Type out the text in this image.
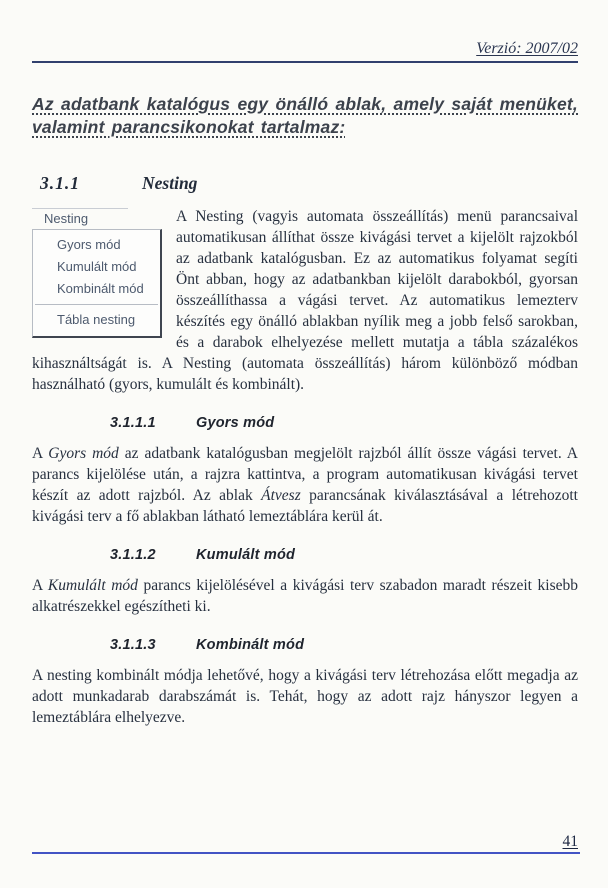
Verzió: 2007/02

Az adatbank katalógus egy önálló ablak, amely saját menüket, valamint parancsikonokat tartalmaz:

3.1.1	Nesting

Nesting
Gyors mód
Kumulált mód
Kombinált mód
Tábla nesting
A Nesting (vagyis automata összeállítás) menü parancsaival automatikusan állíthat össze kivágási tervet a kijelölt rajzokból az adatbank katalógusban. Ez az automatikus folyamat segíti Önt abban, hogy az adatbankban kijelölt darabokból, gyorsan összeállíthassa a vágási tervet. Az automatikus lemezterv készítés egy önálló ablakban nyílik meg a jobb felső sarokban, és a darabok elhelyezése mellett mutatja a tábla százalékos kihasználtságát is. A Nesting (automata összeállítás) három különböző módban használható (gyors, kumulált és kombinált).

3.1.1.1	Gyors mód

A Gyors mód az adatbank katalógusban megjelölt rajzból állít össze vágási tervet. A parancs kijelölése után, a rajzra kattintva, a program automatikusan kivágási tervet készít az adott rajzból. Az ablak Átvesz parancsának kiválasztásával a létrehozott kivágási terv a fő ablakban látható lemeztáblára kerül át.

3.1.1.2	Kumulált mód

A Kumulált mód parancs kijelölésével a kivágási terv szabadon maradt részeit kisebb alkatrészekkel egészítheti ki.

3.1.1.3	Kombinált mód

A nesting kombinált módja lehetővé, hogy a kivágási terv létrehozása előtt megadja az adott munkadarab darabszámát is. Tehát, hogy az adott rajz hányszor legyen a lemeztáblára elhelyezve.

41
